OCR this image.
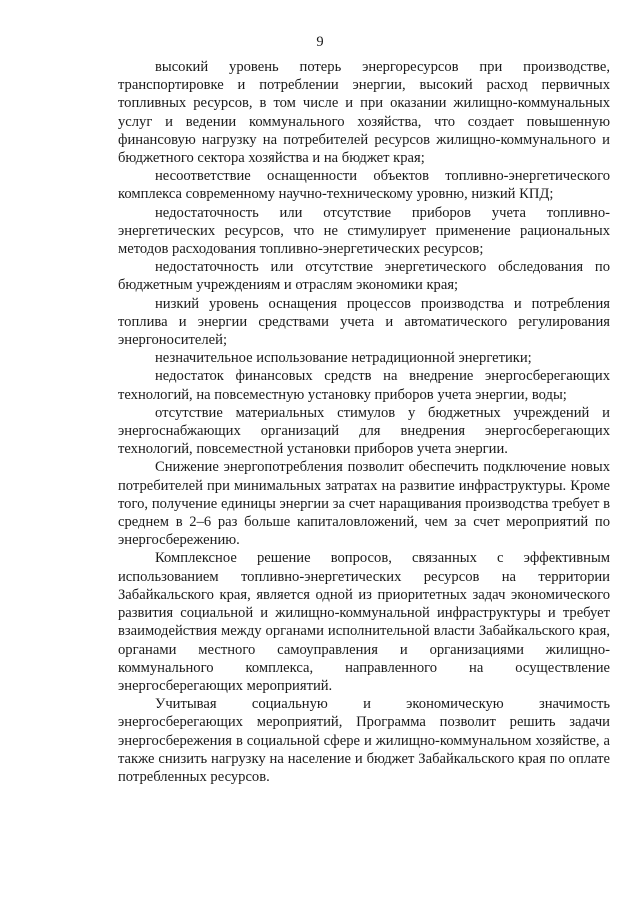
9

высокий уровень потерь энергоресурсов при производстве, транспортировке и потреблении энергии, высокий расход первичных топливных ресурсов, в том числе и при оказании жилищно-коммунальных услуг и ведении коммунального хозяйства, что создает повышенную финансовую нагрузку на потребителей ресурсов жилищно-коммунального и бюджетного сектора хозяйства и на бюджет края;

несоответствие оснащенности объектов топливно-энергетического комплекса современному научно-техническому уровню, низкий КПД;

недостаточность или отсутствие приборов учета топливно-энергетических ресурсов, что не стимулирует применение рациональных методов расходования топливно-энергетических ресурсов;

недостаточность или отсутствие энергетического обследования по бюджетным учреждениям и отраслям экономики края;

низкий уровень оснащения процессов производства и потребления топлива и энергии средствами учета и автоматического регулирования энергоносителей;

незначительное использование нетрадиционной энергетики;

недостаток финансовых средств на внедрение энергосберегающих технологий, на повсеместную установку приборов учета энергии, воды;

отсутствие материальных стимулов у бюджетных учреждений и энергоснабжающих организаций для внедрения энергосберегающих технологий, повсеместной установки приборов учета энергии.

Снижение энергопотребления позволит обеспечить подключение новых потребителей при минимальных затратах на развитие инфраструктуры. Кроме того, получение единицы энергии за счет наращивания производства требует в среднем в 2–6 раз больше капиталовложений, чем за счет мероприятий по энергосбережению.

Комплексное решение вопросов, связанных с эффективным использованием топливно-энергетических ресурсов на территории Забайкальского края, является одной из приоритетных задач экономического развития социальной и жилищно-коммунальной инфраструктуры и требует взаимодействия между органами исполнительной власти Забайкальского края, органами местного самоуправления и организациями жилищно-коммунального комплекса, направленного на осуществление энергосберегающих мероприятий.

Учитывая социальную и экономическую значимость энергосберегающих мероприятий, Программа позволит решить задачи энергосбережения в социальной сфере и жилищно-коммунальном хозяйстве, а также снизить нагрузку на население и бюджет Забайкальского края по оплате потребленных ресурсов.
